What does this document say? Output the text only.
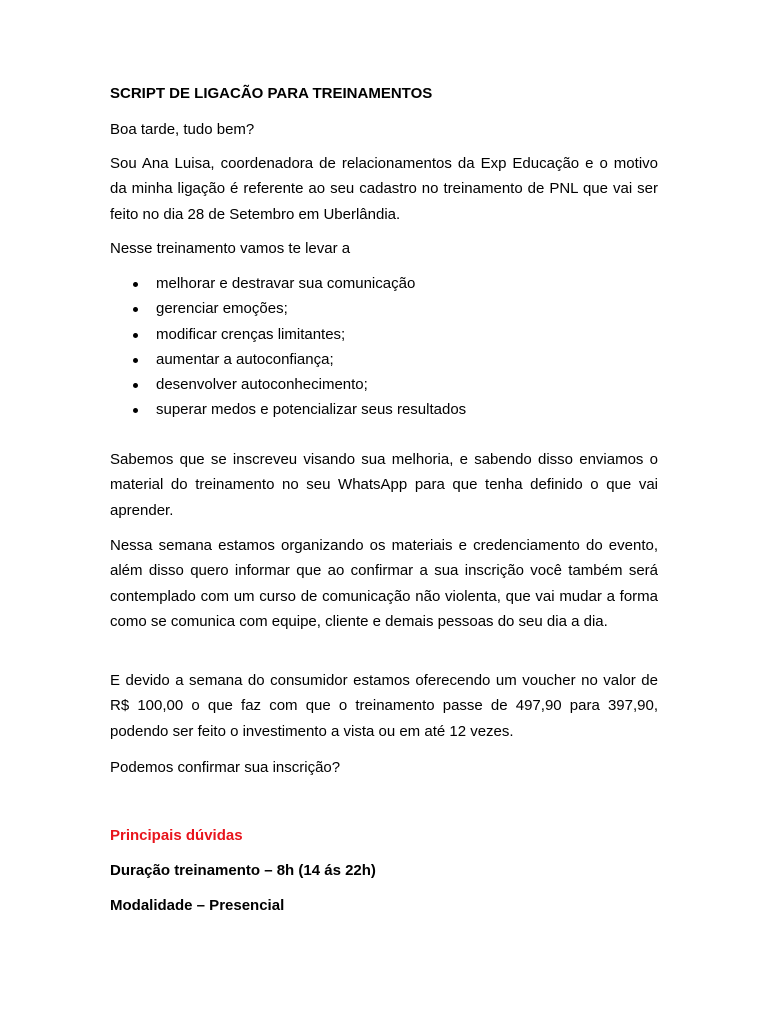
SCRIPT DE LIGACÃO PARA TREINAMENTOS
Boa tarde, tudo bem?
Sou Ana Luisa, coordenadora de relacionamentos da Exp Educação e o motivo da minha ligação é referente ao seu cadastro no treinamento de PNL que vai ser feito no dia 28 de Setembro em Uberlândia.
Nesse treinamento vamos te levar a
melhorar e destravar sua comunicação
gerenciar emoções;
modificar crenças limitantes;
aumentar a autoconfiança;
desenvolver autoconhecimento;
superar medos e potencializar seus resultados
Sabemos que se inscreveu visando sua melhoria, e sabendo disso enviamos o material do treinamento no seu WhatsApp para que tenha definido o que vai aprender.
Nessa semana estamos organizando os materiais e credenciamento do evento, além disso quero informar que ao confirmar a sua inscrição você também será contemplado com um curso de comunicação não violenta, que vai mudar a forma como se comunica com equipe, cliente e demais pessoas do seu dia a dia.
E devido a semana do consumidor estamos oferecendo um voucher no valor de R$ 100,00 o que faz com que o treinamento passe de 497,90 para 397,90, podendo ser feito o investimento a vista ou em até 12 vezes.
Podemos confirmar sua inscrição?
Principais dúvidas
Duração treinamento – 8h (14 ás 22h)
Modalidade – Presencial
